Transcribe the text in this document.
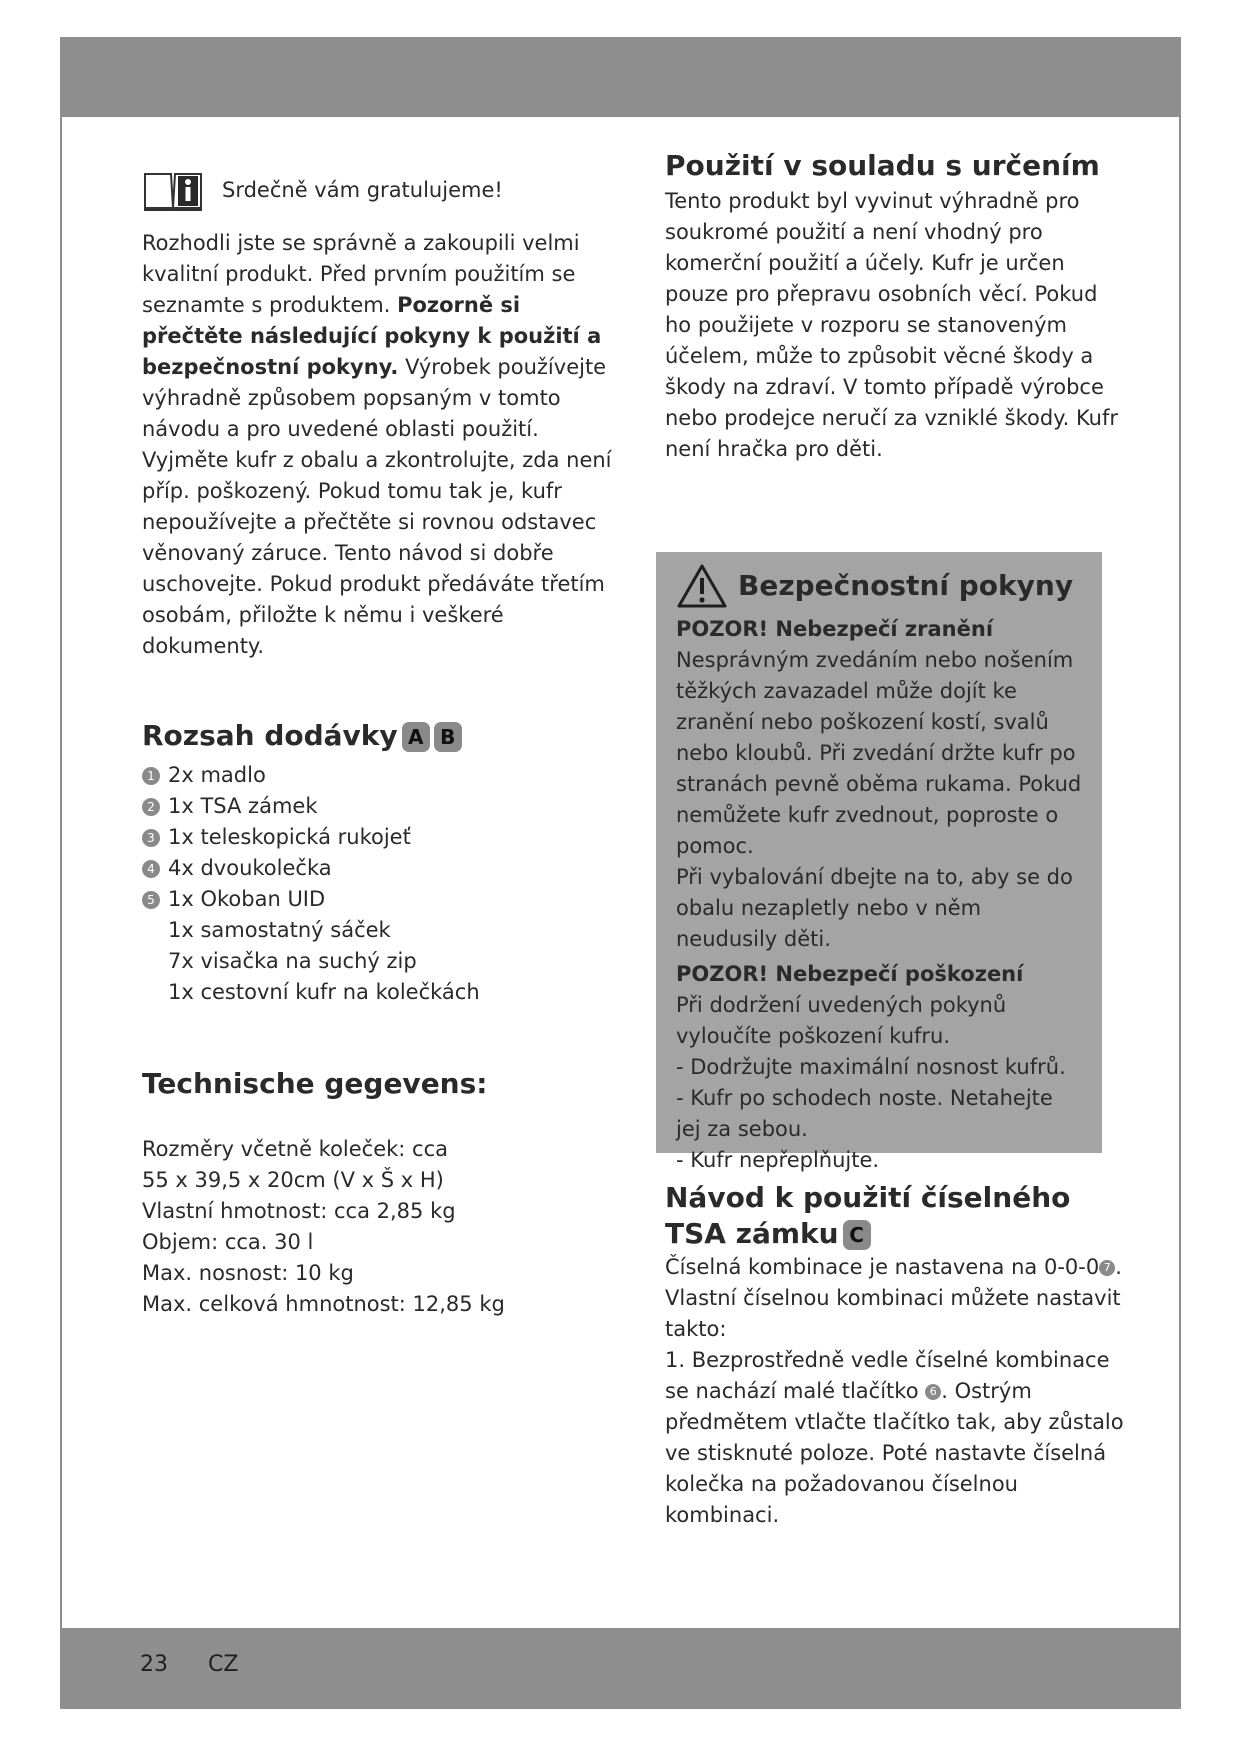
Srdečně vám gratulujeme!

Rozhodli jste se správně a zakoupili velmi kvalitní produkt. Před prvním použitím se seznamte s produktem. Pozorně si přečtěte následující pokyny k použití a bezpečnostní pokyny. Výrobek používejte výhradně způsobem popsaným v tomto návodu a pro uvedené oblasti použití. Vyjměte kufr z obalu a zkontrolujte, zda není příp. poškozený. Pokud tomu tak je, kufr nepoužívejte a přečtěte si rovnou odstavec věnovaný záruce. Tento návod si dobře uschovejte. Pokud produkt předáváte třetím osobám, přiložte k němu i veškeré dokumenty.

Rozsah dodávky A B
1 2x madlo
2 1x TSA zámek
3 1x teleskopická rukojeť
4 4x dvoukolečka
5 1x Okoban UID
1x samostatný sáček
7x visačka na suchý zip
1x cestovní kufr na kolečkách
Technische gegevens:

Rozměry včetně koleček: cca

55 x 39,5 x 20cm (V x Š x H)

Vlastní hmotnost: cca 2,85 kg

Objem: cca. 30 l

Max. nosnost: 10 kg

Max. celková hmnotnost: 12,85 kg

Použití v souladu s určením

Tento produkt byl vyvinut výhradně pro soukromé použití a není vhodný pro komerční použití a účely. Kufr je určen pouze pro přepravu osobních věcí. Pokud ho použijete v rozporu se stanoveným účelem, může to způsobit věcné škody a škody na zdraví. V tomto případě výrobce nebo prodejce neručí za vzniklé škody. Kufr není hračka pro děti.

Bezpečnostní pokyny
POZOR! Nebezpečí zranění

Nesprávným zvedáním nebo nošením těžkých zavazadel může dojít ke zranění nebo poškození kostí, svalů nebo kloubů. Při zvedání držte kufr po stranách pevně oběma rukama. Pokud nemůžete kufr zvednout, poproste o pomoc.

Při vybalování dbejte na to, aby se do obalu nezapletly nebo v něm neudusily děti.

POZOR! Nebezpečí poškození

Při dodržení uvedených pokynů vyloučíte poškození kufru.

- Dodržujte maximální nosnost kufrů.

- Kufr po schodech noste. Netahejte jej za sebou.

- Kufr nepřeplňujte.

Návod k použití číselného TSA zámku C

Číselná kombinace je nastavena na 0-0-0 7 . Vlastní číselnou kombinaci můžete nastavit takto:

1. Bezprostředně vedle číselné kombinace se nachází malé tlačítko 6 . Ostrým předmětem vtlačte tlačítko tak, aby zůstalo ve stisknuté poloze. Poté nastavte číselná kolečka na požadovanou číselnou kombinaci.

23 CZ
